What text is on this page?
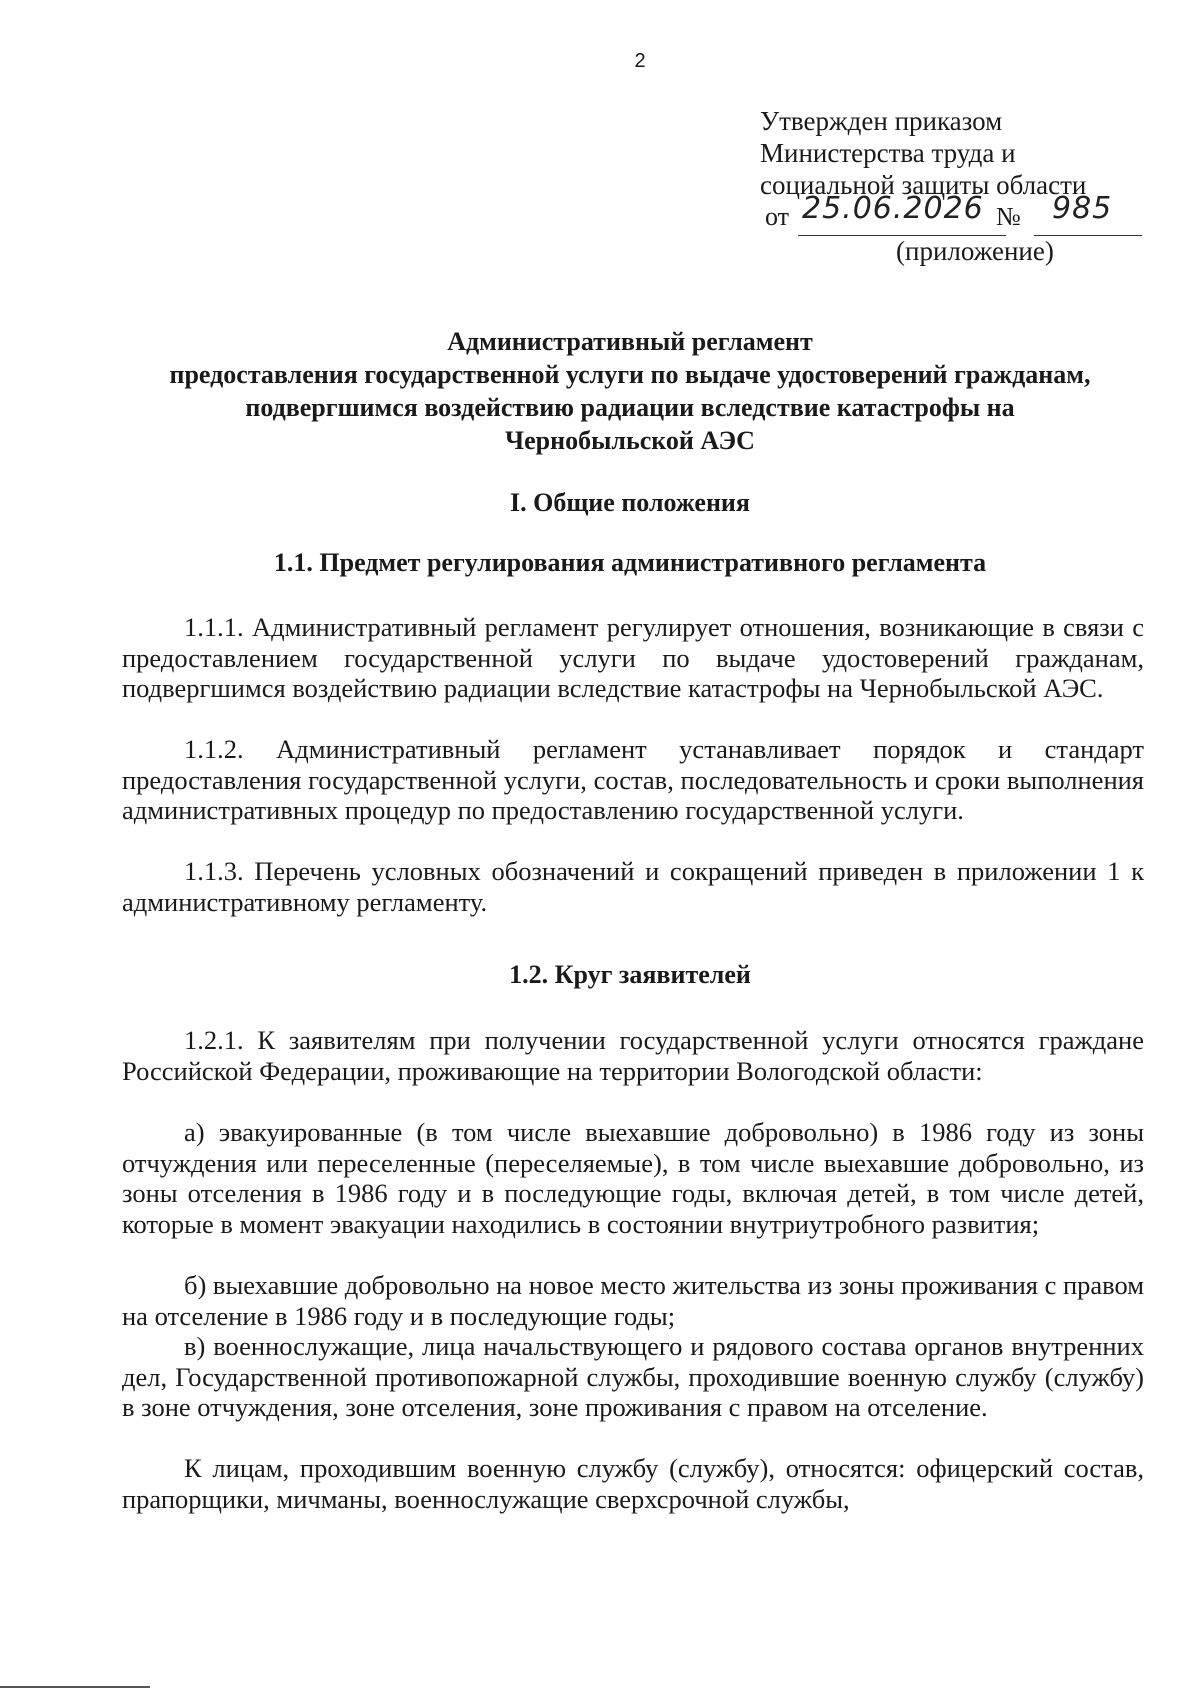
2
Утвержден приказом
Министерства труда и
социальной защиты области
от 25.06.2026 № 985
(приложение)
Административный регламент
предоставления государственной услуги по выдаче удостоверений гражданам,
подвергшимся воздействию радиации вследствие катастрофы на
Чернобыльской АЭС
I. Общие положения
1.1. Предмет регулирования административного регламента
1.1.1. Административный регламент регулирует отношения, возникающие в связи с предоставлением государственной услуги по выдаче удостоверений гражданам, подвергшимся воздействию радиации вследствие катастрофы на Чернобыльской АЭС.
1.1.2. Административный регламент устанавливает порядок и стандарт предоставления государственной услуги, состав, последовательность и сроки выполнения административных процедур по предоставлению государственной услуги.
1.1.3. Перечень условных обозначений и сокращений приведен в приложении 1 к административному регламенту.
1.2. Круг заявителей
1.2.1. К заявителям при получении государственной услуги относятся граждане Российской Федерации, проживающие на территории Вологодской области:
а) эвакуированные (в том числе выехавшие добровольно) в 1986 году из зоны отчуждения или переселенные (переселяемые), в том числе выехавшие добровольно, из зоны отселения в 1986 году и в последующие годы, включая детей, в том числе детей, которые в момент эвакуации находились в состоянии внутриутробного развития;
б) выехавшие добровольно на новое место жительства из зоны проживания с правом на отселение в 1986 году и в последующие годы;
в) военнослужащие, лица начальствующего и рядового состава органов внутренних дел, Государственной противопожарной службы, проходившие военную службу (службу) в зоне отчуждения, зоне отселения, зоне проживания с правом на отселение.
К лицам, проходившим военную службу (службу), относятся: офицерский состав, прапорщики, мичманы, военнослужащие сверхсрочной службы,
